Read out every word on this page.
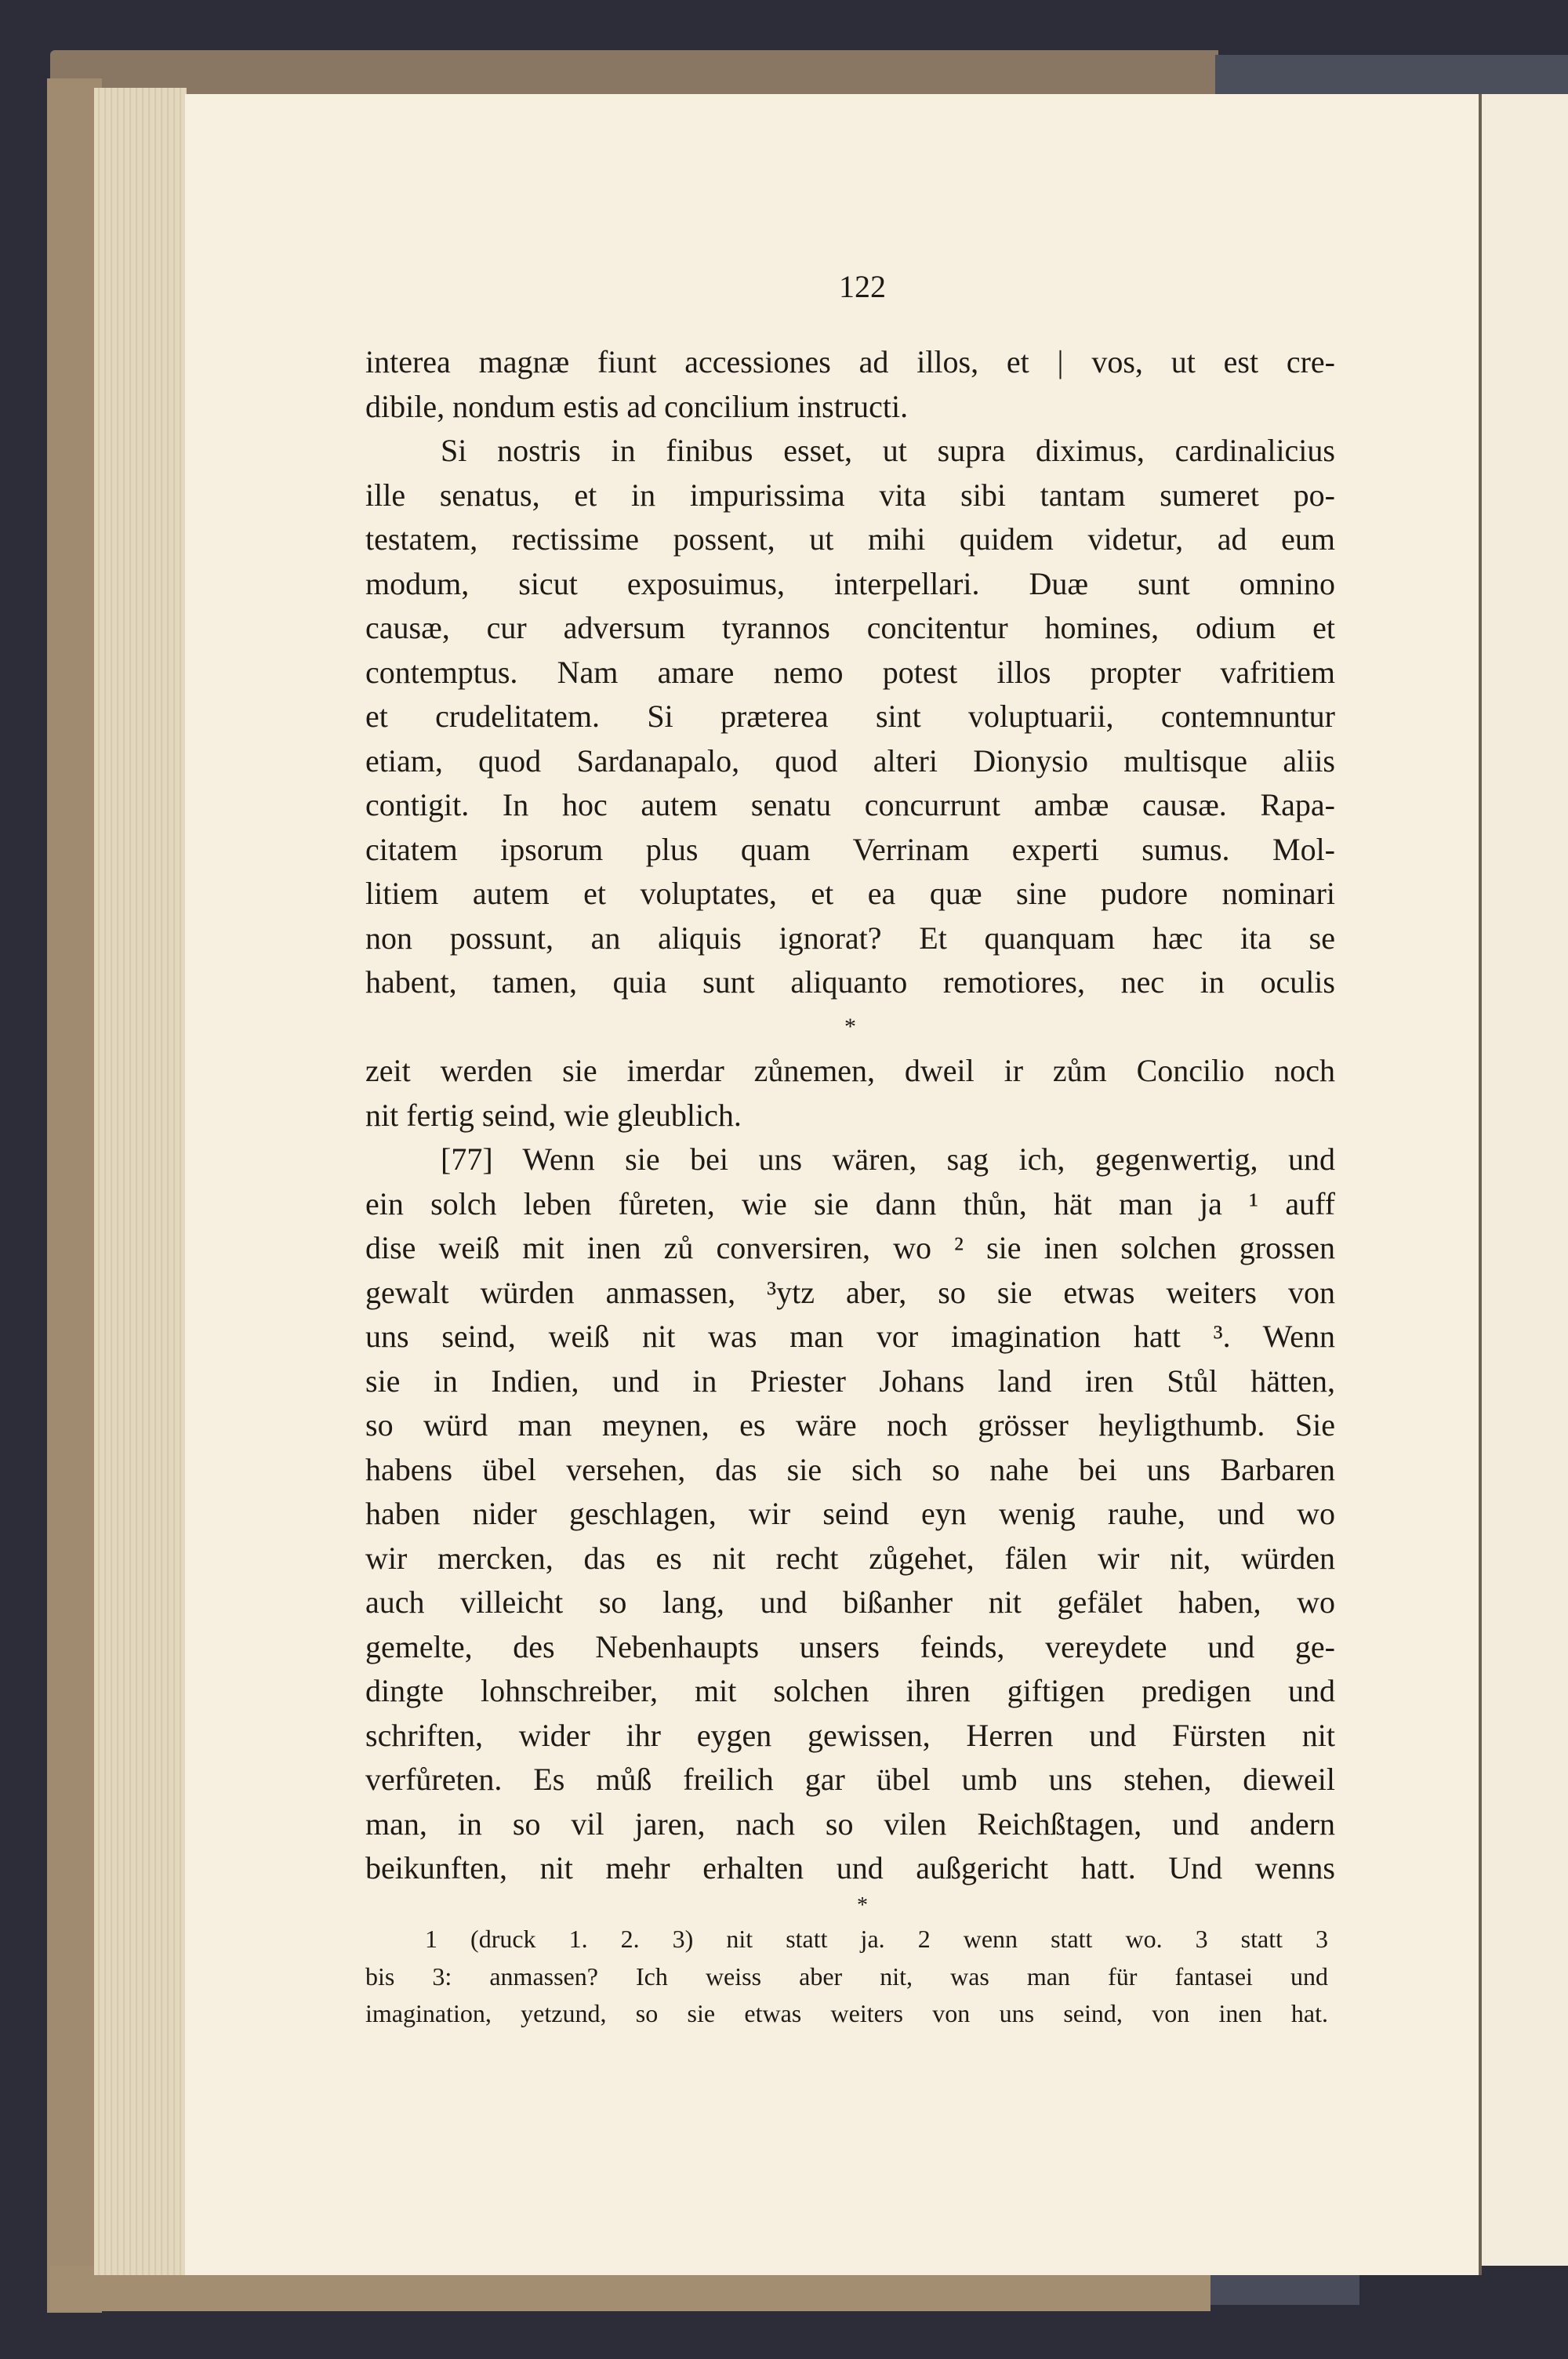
122
interea magnæ fiunt accessiones ad illos, et | vos, ut est cre-
dibile, nondum estis ad concilium instructi.
Si nostris in finibus esset, ut supra diximus, cardinalicius
ille senatus, et in impurissima vita sibi tantam sumeret po-
testatem, rectissime possent, ut mihi quidem videtur, ad eum
modum, sicut exposuimus, interpellari. Duæ sunt omnino
causæ, cur adversum tyrannos concitentur homines, odium et
contemptus. Nam amare nemo potest illos propter vafritiem
et crudelitatem. Si præterea sint voluptuarii, contemnuntur
etiam, quod Sardanapalo, quod alteri Dionysio multisque aliis
contigit. In hoc autem senatu concurrunt ambæ causæ. Rapa-
citatem ipsorum plus quam Verrinam experti sumus. Mol-
litiem autem et voluptates, et ea quæ sine pudore nominari
non possunt, an aliquis ignorat? Et quanquam hæc ita se
habent, tamen, quia sunt aliquanto remotiores, nec in oculis
*
zeit werden sie imerdar zůnemen, dweil ir zům Concilio noch
nit fertig seind, wie gleublich.
[77] Wenn sie bei uns wären, sag ich, gegenwertig, und
ein solch leben fůreten, wie sie dann thůn, hät man ja ¹ auff
dise weiß mit inen zů conversiren, wo ² sie inen solchen grossen
gewalt würden anmassen, ³ytz aber, so sie etwas weiters von
uns seind, weiß nit was man vor imagination hatt ³. Wenn
sie in Indien, und in Priester Johans land iren Stůl hätten,
so würd man meynen, es wäre noch grösser heyligthumb. Sie
habens übel versehen, das sie sich so nahe bei uns Barbaren
haben nider geschlagen, wir seind eyn wenig rauhe, und wo
wir mercken, das es nit recht zůgehet, fälen wir nit, würden
auch villeicht so lang, und bißanher nit gefälet haben, wo
gemelte, des Nebenhaupts unsers feinds, vereydete und ge-
dingte lohnschreiber, mit solchen ihren giftigen predigen und
schriften, wider ihr eygen gewissen, Herren und Fürsten nit
verfůreten. Es můß freilich gar übel umb uns stehen, dieweil
man, in so vil jaren, nach so vilen Reichßtagen, und andern
beikunften, nit mehr erhalten und außgericht hatt. Und wenns
*
1 (druck 1. 2. 3) nit statt ja. 2 wenn statt wo. 3 statt 3
bis 3: anmassen? Ich weiss aber nit, was man für fantasei und
imagination, yetzund, so sie etwas weiters von uns seind, von inen hat.
